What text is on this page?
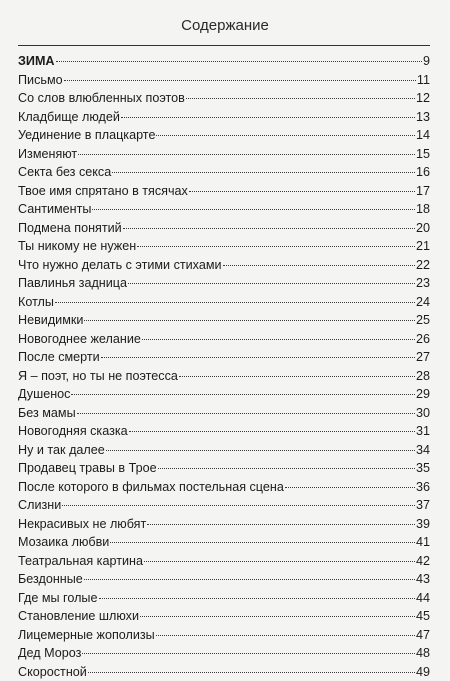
Содержание
ЗИМА	9
Письмо	11
Со слов влюбленных поэтов	12
Кладбище людей	13
Уединение в плацкарте	14
Изменяют	15
Секта без секса	16
Твое имя спрятано в тясячах	17
Сантименты	18
Подмена понятий	20
Ты никому не нужен	21
Что нужно делать с этими стихами	22
Павлинья задница	23
Котлы	24
Невидимки	25
Новогоднее желание	26
После смерти	27
Я – поэт, но ты не поэтесса	28
Душенос	29
Без мамы	30
Новогодняя сказка	31
Ну и так далее	34
Продавец травы в Трое	35
После которого в фильмах постельная сцена	36
Слизни	37
Некрасивых не любят	39
Мозаика любви	41
Театральная картина	42
Бездонные	43
Где мы голые	44
Становление шлюхи	45
Лицемерные жополизы	47
Дед Мороз	48
Скоростной	49
